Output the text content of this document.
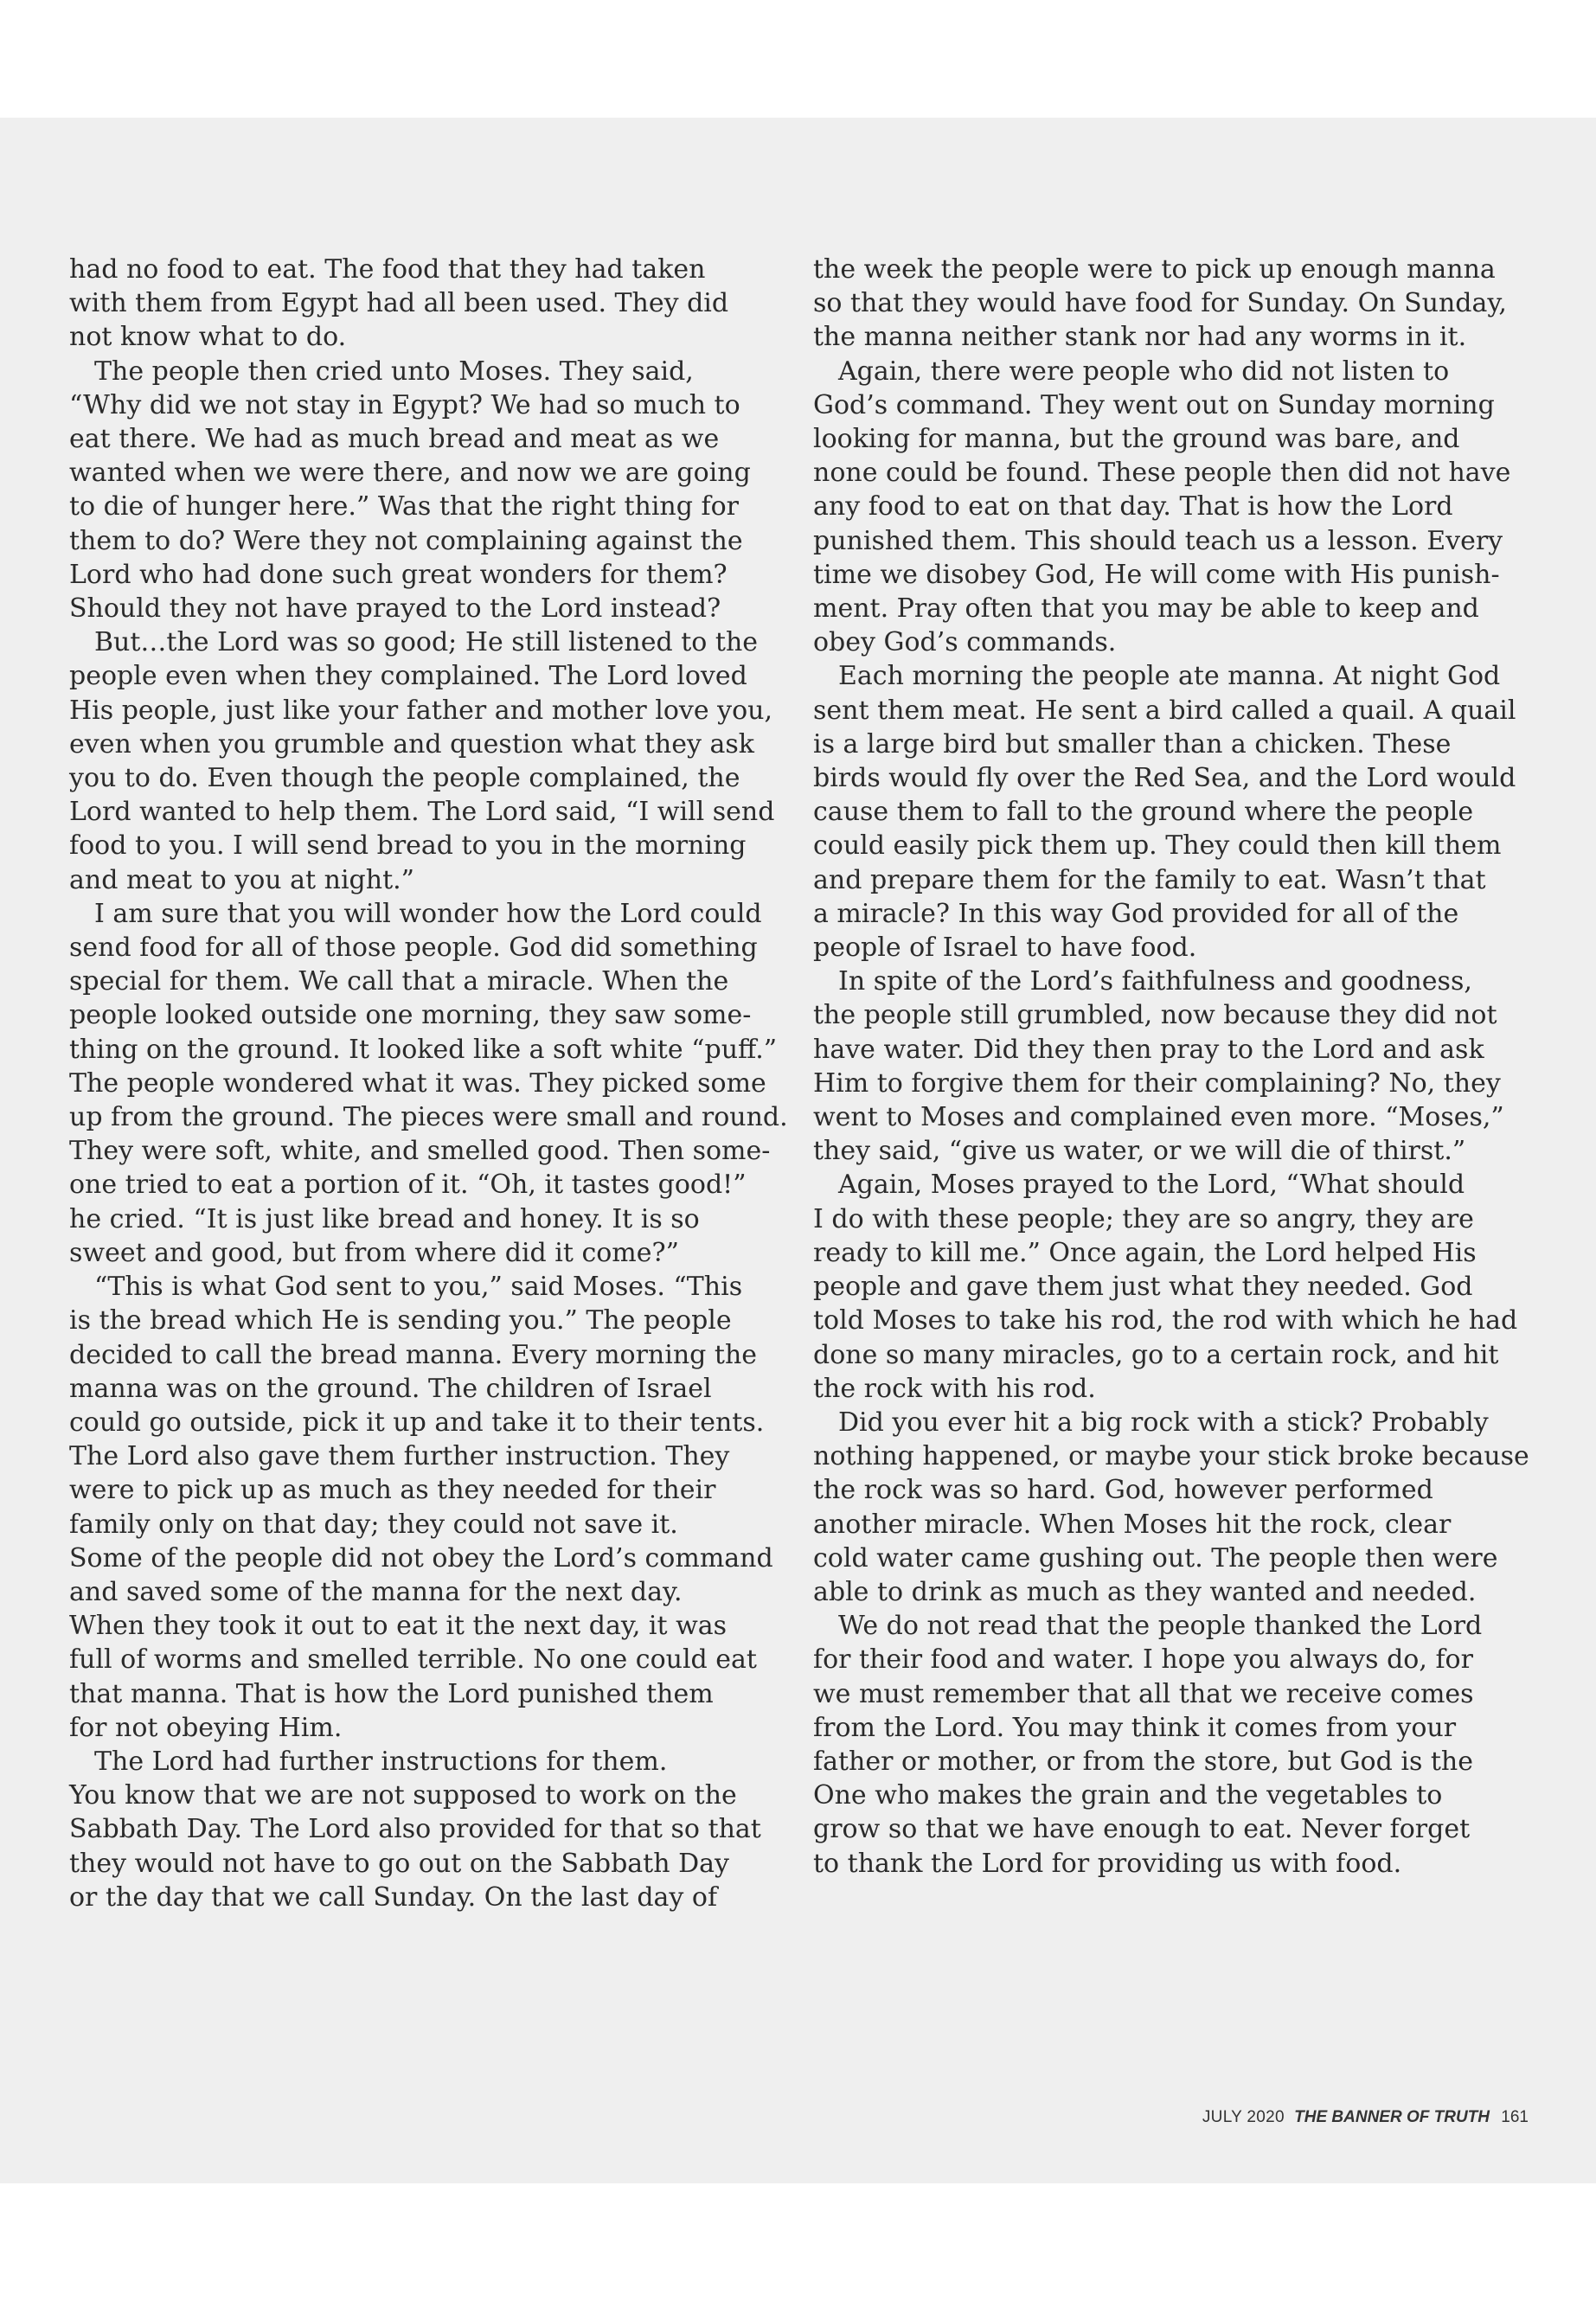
had no food to eat. The food that they had taken
with them from Egypt had all been used. They did
not know what to do.
The people then cried unto Moses. They said,
“Why did we not stay in Egypt? We had so much to
eat there. We had as much bread and meat as we
wanted when we were there, and now we are going
to die of hunger here.” Was that the right thing for
them to do? Were they not complaining against the
Lord who had done such great wonders for them?
Should they not have prayed to the Lord instead?
But…the Lord was so good; He still listened to the
people even when they complained. The Lord loved
His people, just like your father and mother love you,
even when you grumble and question what they ask
you to do. Even though the people complained, the
Lord wanted to help them. The Lord said, “I will send
food to you. I will send bread to you in the morning
and meat to you at night.”
I am sure that you will wonder how the Lord could
send food for all of those people. God did something
special for them. We call that a miracle. When the
people looked outside one morning, they saw some-
thing on the ground. It looked like a soft white “puff.”
The people wondered what it was. They picked some
up from the ground. The pieces were small and round.
They were soft, white, and smelled good. Then some-
one tried to eat a portion of it. “Oh, it tastes good!”
he cried. “It is just like bread and honey. It is so
sweet and good, but from where did it come?”
“This is what God sent to you,” said Moses. “This
is the bread which He is sending you.” The people
decided to call the bread manna. Every morning the
manna was on the ground. The children of Israel
could go outside, pick it up and take it to their tents.
The Lord also gave them further instruction. They
were to pick up as much as they needed for their
family only on that day; they could not save it.
Some of the people did not obey the Lord’s command
and saved some of the manna for the next day.
When they took it out to eat it the next day, it was
full of worms and smelled terrible. No one could eat
that manna. That is how the Lord punished them
for not obeying Him.
The Lord had further instructions for them.
You know that we are not supposed to work on the
Sabbath Day. The Lord also provided for that so that
they would not have to go out on the Sabbath Day
or the day that we call Sunday. On the last day of
the week the people were to pick up enough manna
so that they would have food for Sunday. On Sunday,
the manna neither stank nor had any worms in it.
Again, there were people who did not listen to
God’s command. They went out on Sunday morning
looking for manna, but the ground was bare, and
none could be found. These people then did not have
any food to eat on that day. That is how the Lord
punished them. This should teach us a lesson. Every
time we disobey God, He will come with His punish-
ment. Pray often that you may be able to keep and
obey God’s commands.
Each morning the people ate manna. At night God
sent them meat. He sent a bird called a quail. A quail
is a large bird but smaller than a chicken. These
birds would fly over the Red Sea, and the Lord would
cause them to fall to the ground where the people
could easily pick them up. They could then kill them
and prepare them for the family to eat. Wasn’t that
a miracle? In this way God provided for all of the
people of Israel to have food.
In spite of the Lord’s faithfulness and goodness,
the people still grumbled, now because they did not
have water. Did they then pray to the Lord and ask
Him to forgive them for their complaining? No, they
went to Moses and complained even more. “Moses,”
they said, “give us water, or we will die of thirst.”
Again, Moses prayed to the Lord, “What should
I do with these people; they are so angry, they are
ready to kill me.” Once again, the Lord helped His
people and gave them just what they needed. God
told Moses to take his rod, the rod with which he had
done so many miracles, go to a certain rock, and hit
the rock with his rod.
Did you ever hit a big rock with a stick? Probably
nothing happened, or maybe your stick broke because
the rock was so hard. God, however performed
another miracle. When Moses hit the rock, clear
cold water came gushing out. The people then were
able to drink as much as they wanted and needed.
We do not read that the people thanked the Lord
for their food and water. I hope you always do, for
we must remember that all that we receive comes
from the Lord. You may think it comes from your
father or mother, or from the store, but God is the
One who makes the grain and the vegetables to
grow so that we have enough to eat. Never forget
to thank the Lord for providing us with food.
JULY 2020 THE BANNER OF TRUTH 161
